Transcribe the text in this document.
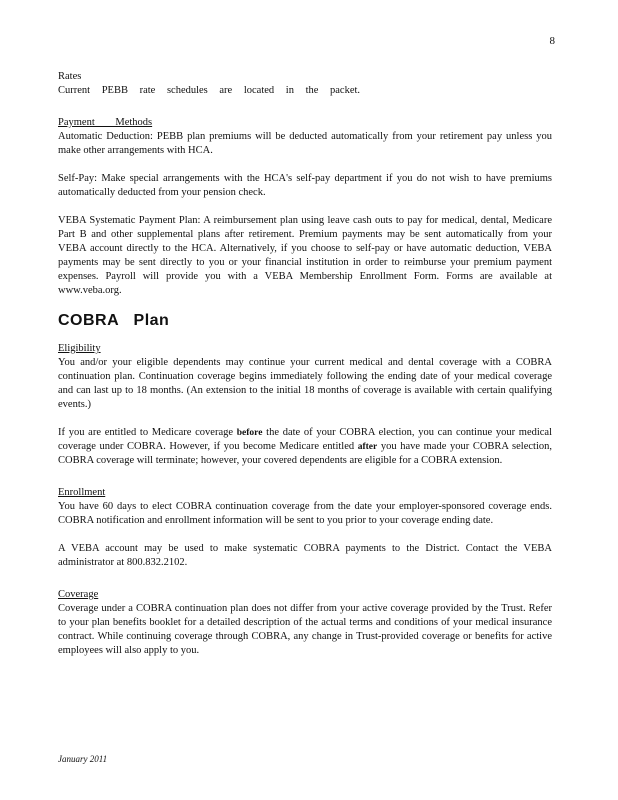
8
Rates

Current PEBB rate schedules are located in the packet.

Payment Methods

Automatic Deduction: PEBB plan premiums will be deducted automatically from your retirement pay unless you make other arrangements with HCA.

Self-Pay: Make special arrangements with the HCA's self-pay department if you do not wish to have premiums automatically deducted from your pension check.

VEBA Systematic Payment Plan: A reimbursement plan using leave cash outs to pay for medical, dental, Medicare Part B and other supplemental plans after retirement. Premium payments may be sent automatically from your VEBA account directly to the HCA. Alternatively, if you choose to self-pay or have automatic deduction, VEBA payments may be sent directly to you or your financial institution in order to reimburse your premium payment expenses. Payroll will provide you with a VEBA Membership Enrollment Form. Forms are available at www.veba.org.

COBRA Plan
Eligibility

You and/or your eligible dependents may continue your current medical and dental coverage with a COBRA continuation plan. Continuation coverage begins immediately following the ending date of your medical coverage and can last up to 18 months. (An extension to the initial 18 months of coverage is available with certain qualifying events.)

If you are entitled to Medicare coverage before the date of your COBRA election, you can continue your medical coverage under COBRA. However, if you become Medicare entitled after you have made your COBRA selection, COBRA coverage will terminate; however, your covered dependents are eligible for a COBRA extension.

Enrollment

You have 60 days to elect COBRA continuation coverage from the date your employer-sponsored coverage ends. COBRA notification and enrollment information will be sent to you prior to your coverage ending date.

A VEBA account may be used to make systematic COBRA payments to the District. Contact the VEBA administrator at 800.832.2102.

Coverage

Coverage under a COBRA continuation plan does not differ from your active coverage provided by the Trust. Refer to your plan benefits booklet for a detailed description of the actual terms and conditions of your medical insurance contract. While continuing coverage through COBRA, any change in Trust-provided coverage or benefits for active employees will also apply to you.

January 2011
